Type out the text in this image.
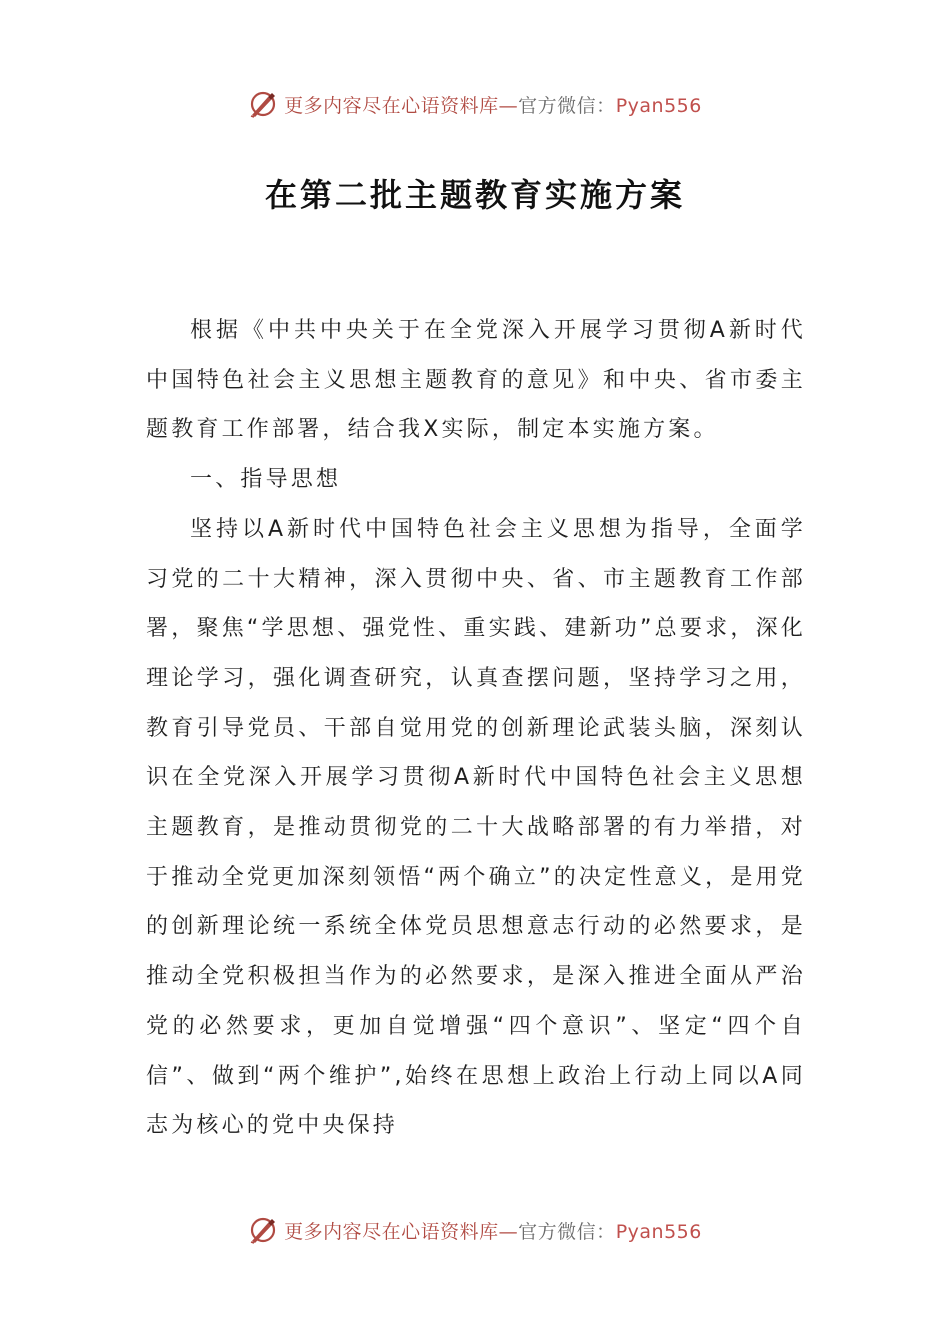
更多内容尽在心语资料库—官方微信：Pyan556
在第二批主题教育实施方案

根据《中共中央关于在全党深入开展学习贯彻A新时代中国特色社会主义思想主题教育的意见》和中央、省市委主题教育工作部署，结合我X实际，制定本实施方案。

一、指导思想

坚持以A新时代中国特色社会主义思想为指导，全面学习党的二十大精神，深入贯彻中央、省、市主题教育工作部署，聚焦“学思想、强党性、重实践、建新功”总要求，深化理论学习，强化调查研究，认真查摆问题，坚持学习之用，教育引导党员、干部自觉用党的创新理论武装头脑，深刻认识在全党深入开展学习贯彻A新时代中国特色社会主义思想主题教育，是推动贯彻党的二十大战略部署的有力举措，对于推动全党更加深刻领悟“两个确立”的决定性意义，是用党的创新理论统一系统全体党员思想意志行动的必然要求，是推动全党积极担当作为的必然要求，是深入推进全面从严治党的必然要求，更加自觉增强“四个意识”、坚定“四个自信”、做到“两个维护”,始终在思想上政治上行动上同以A同志为核心的党中央保持

更多内容尽在心语资料库—官方微信：Pyan556
